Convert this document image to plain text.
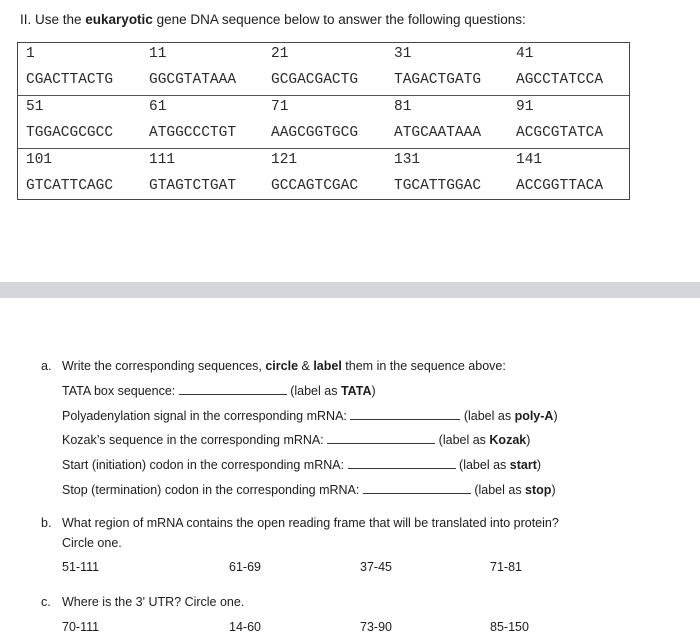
II. Use the eukaryotic gene DNA sequence below to answer the following questions:
1	11	21	31	41
CGACTTACTG GGCGTATAAA GCGACGACTG TAGACTGATG AGCCTATCCA
51	61	71	81	91
TGGACGCGCC ATGGCCCTGT AAGCGGTGCG ATGCAATAAA ACGCGTATCA
101	111	121	131	141
GTCATTCAGC GTAGTCTGAT GCCAGTCGAC TGCATTGGAC ACCGGTTACA
a. Write the corresponding sequences, circle & label them in the sequence above:
TATA box sequence:	(label as TATA)
Polyadenylation signal in the corresponding mRNA:	(label as poly-A)
Kozak’s sequence in the corresponding mRNA:	(label as Kozak)
Start (initiation) codon in the corresponding mRNA:	(label as start)
Stop (termination) codon in the corresponding mRNA:	(label as stop)
b. What region of mRNA contains the open reading frame that will be translated into protein?
Circle one.
51-111	61-69	37-45	71-81
c. Where is the 3' UTR? Circle one.
70-111	14-60	73-90	85-150
